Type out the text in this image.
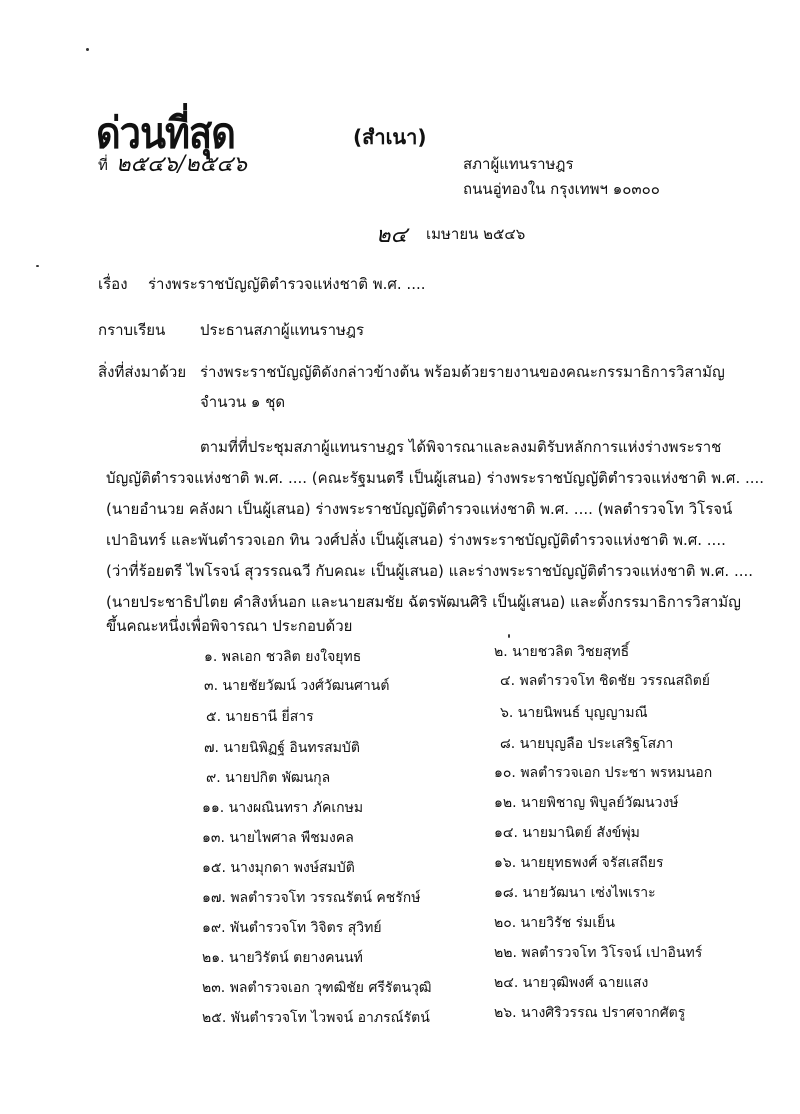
ด่วนที่สุด	(สำเนา)
ที่ ๒๕๔๖/๒๕๔๖	สภาผู้แทนราษฎร
ถนนอู่ทองใน กรุงเทพฯ ๑๐๓๐๐
๒๔ เมษายน ๒๕๔๖
เรื่อง ร่างพระราชบัญญัติตำรวจแห่งชาติ พ.ศ. ....
กราบเรียน ประธานสภาผู้แทนราษฎร
สิ่งที่ส่งมาด้วย ร่างพระราชบัญญัติดังกล่าวข้างต้น พร้อมด้วยรายงานของคณะกรรมาธิการวิสามัญ
จำนวน ๑ ชุด
ตามที่ที่ประชุมสภาผู้แทนราษฎร ได้พิจารณาและลงมติรับหลักการแห่งร่างพระราช
บัญญัติตำรวจแห่งชาติ พ.ศ. .... (คณะรัฐมนตรี เป็นผู้เสนอ) ร่างพระราชบัญญัติตำรวจแห่งชาติ พ.ศ. ....
(นายอำนวย คลังผา เป็นผู้เสนอ) ร่างพระราชบัญญัติตำรวจแห่งชาติ พ.ศ. .... (พลตำรวจโท วิโรจน์
เปาอินทร์ และพันตำรวจเอก ทิน วงศ์ปลั่ง เป็นผู้เสนอ) ร่างพระราชบัญญัติตำรวจแห่งชาติ พ.ศ. ....
(ว่าที่ร้อยตรี ไพโรจน์ สุวรรณฉวี กับคณะ เป็นผู้เสนอ) และร่างพระราชบัญญัติตำรวจแห่งชาติ พ.ศ. ....
(นายประชาธิปไตย คำสิงห์นอก และนายสมชัย ฉัตรพัฒนศิริ เป็นผู้เสนอ) และตั้งกรรมาธิการวิสามัญ
ขึ้นคณะหนึ่งเพื่อพิจารณา ประกอบด้วย
๑. พลเอก ชวลิต ยงใจยุทธ	๒. นายชวลิต วิชยสุทธิ์
๓. นายชัยวัฒน์ วงศ์วัฒนศานต์	๔. พลตำรวจโท ชิดชัย วรรณสถิตย์
๕. นายธานี ยี่สาร	๖. นายนิพนธ์ บุญญามณี
๗. นายนิพิฏฐ์ อินทรสมบัติ	๘. นายบุญลือ ประเสริฐโสภา
๙. นายปกิต พัฒนกุล	๑๐. พลตำรวจเอก ประชา พรหมนอก
๑๑. นางผณินทรา ภัคเกษม	๑๒. นายพิชาญ พิบูลย์วัฒนวงษ์
๑๓. นายไพศาล พืชมงคล	๑๔. นายมานิตย์ สังข์พุ่ม
๑๕. นางมุกดา พงษ์สมบัติ	๑๖. นายยุทธพงศ์ จรัสเสถียร
๑๗. พลตำรวจโท วรรณรัตน์ คชรักษ์	๑๘. นายวัฒนา เซ่งไพเราะ
๑๙. พันตำรวจโท วิจิตร สุวิทย์	๒๐. นายวิรัช ร่มเย็น
๒๑. นายวิรัตน์ ตยางคนนท์	๒๒. พลตำรวจโท วิโรจน์ เปาอินทร์
๒๓. พลตำรวจเอก วุฑฒิชัย ศรีรัตนวุฒิ	๒๔. นายวุฒิพงศ์ ฉายแสง
๒๕. พันตำรวจโท ไวพจน์ อาภรณ์รัตน์	๒๖. นางศิริวรรณ ปราศจากศัตรู
